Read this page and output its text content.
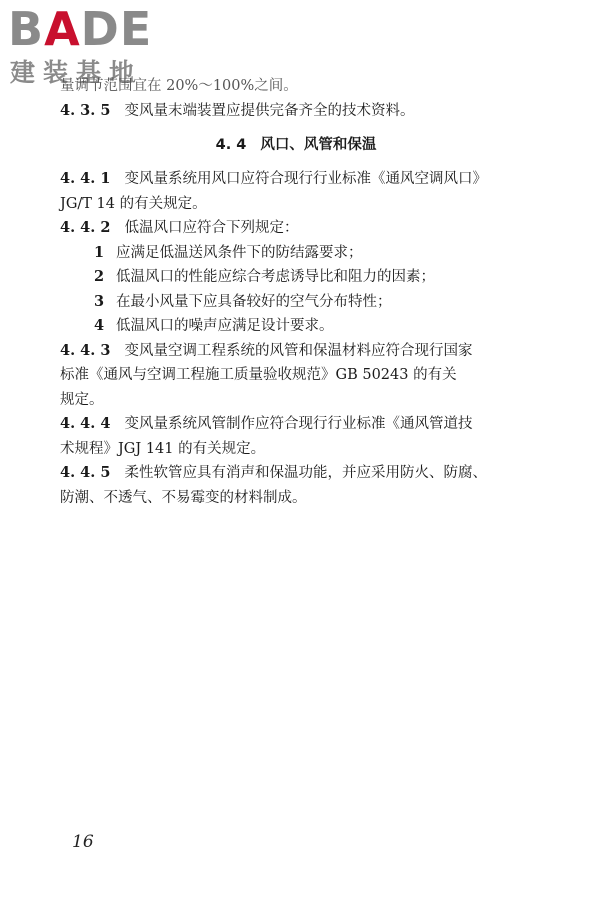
BADE
建装基地
量调节范围宜在 20%～100%之间。

4. 3. 5 变风量末端装置应提供完备齐全的技术资料。

4. 4 风口、风管和保温

4. 4. 1 变风量系统用风口应符合现行行业标准《通风空调风口》

JG/T 14 的有关规定。

4. 4. 2 低温风口应符合下列规定：

1 应满足低温送风条件下的防结露要求；

2 低温风口的性能应综合考虑诱导比和阻力的因素；

3 在最小风量下应具备较好的空气分布特性；

4 低温风口的噪声应满足设计要求。

4. 4. 3 变风量空调工程系统的风管和保温材料应符合现行国家

标准《通风与空调工程施工质量验收规范》GB 50243 的有关

规定。

4. 4. 4 变风量系统风管制作应符合现行行业标准《通风管道技

术规程》JGJ 141 的有关规定。

4. 4. 5 柔性软管应具有消声和保温功能，并应采用防火、防腐、

防潮、不透气、不易霉变的材料制成。

16
